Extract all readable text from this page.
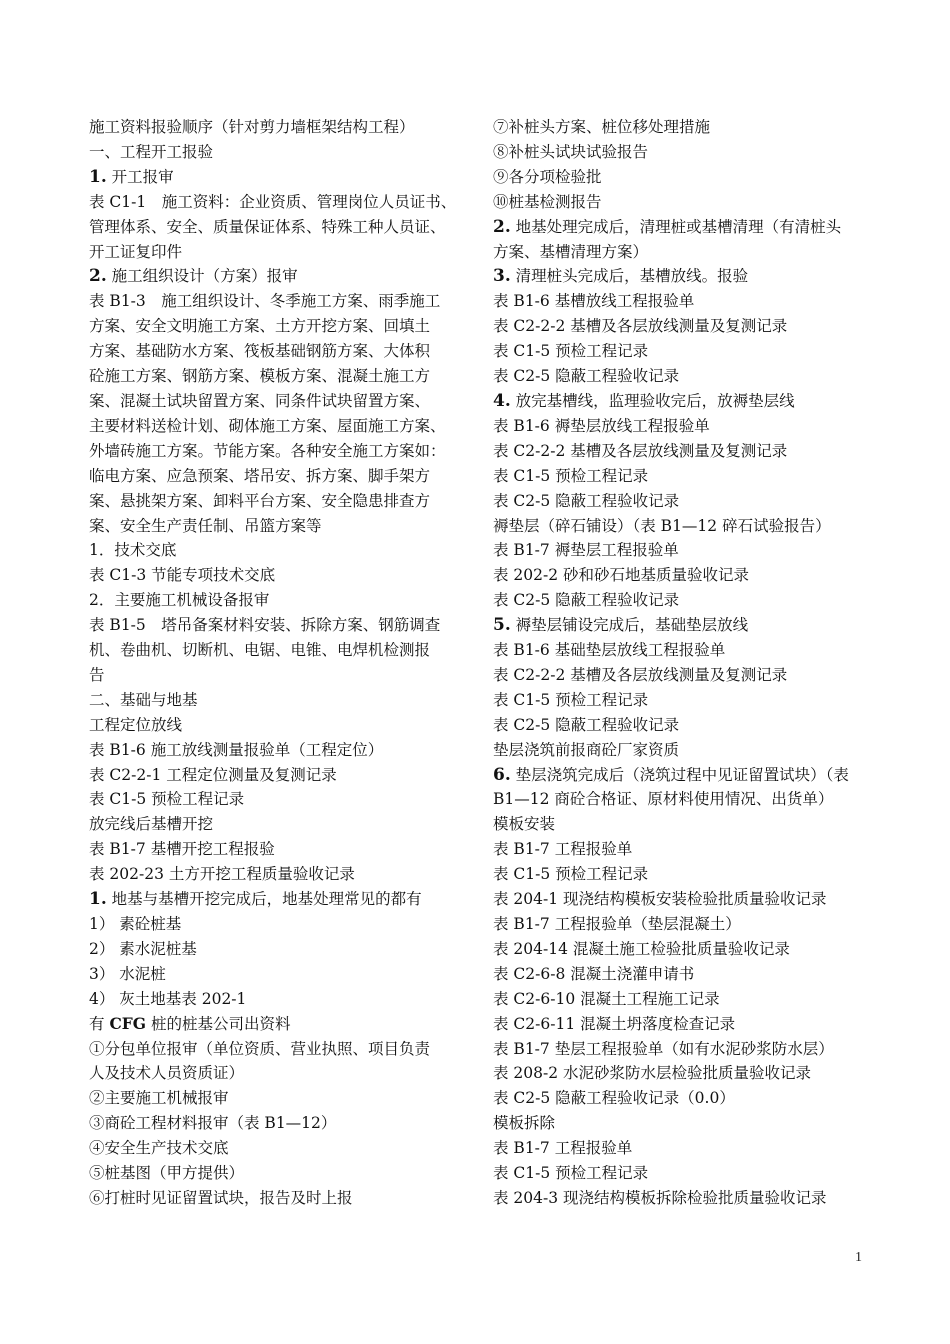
施工资料报验顺序（针对剪力墙框架结构工程）
一、工程开工报验
1. 开工报审
表 C1-1　施工资料：企业资质、管理岗位人员证书、
管理体系、安全、质量保证体系、特殊工种人员证、
开工证复印件
2. 施工组织设计（方案）报审
表 B1-3　施工组织设计、冬季施工方案、雨季施工
方案、安全文明施工方案、土方开挖方案、回填土
方案、基础防水方案、筏板基础钢筋方案、大体积
砼施工方案、钢筋方案、模板方案、混凝土施工方
案、混凝土试块留置方案、同条件试块留置方案、
主要材料送检计划、砌体施工方案、屋面施工方案、
外墙砖施工方案。节能方案。各种安全施工方案如：
临电方案、应急预案、塔吊安、拆方案、脚手架方
案、悬挑架方案、卸料平台方案、安全隐患排查方
案、安全生产责任制、吊篮方案等
1．技术交底
表 C1-3 节能专项技术交底
2．主要施工机械设备报审
表 B1-5　塔吊备案材料安装、拆除方案、钢筋调查
机、卷曲机、切断机、电锯、电锥、电焊机检测报
告
二、基础与地基
工程定位放线
表 B1-6 施工放线测量报验单（工程定位）
表 C2-2-1 工程定位测量及复测记录
表 C1-5 预检工程记录
放完线后基槽开挖
表 B1-7 基槽开挖工程报验
表 202-23 土方开挖工程质量验收记录
1. 地基与基槽开挖完成后，地基处理常见的都有
1） 素砼桩基
2） 素水泥桩基
3） 水泥桩
4） 灰土地基表 202-1
有 CFG 桩的桩基公司出资料
①分包单位报审（单位资质、营业执照、项目负责
人及技术人员资质证）
②主要施工机械报审
③商砼工程材料报审（表 B1—12）
④安全生产技术交底
⑤桩基图（甲方提供）
⑥打桩时见证留置试块，报告及时上报
⑦补桩头方案、桩位移处理措施
⑧补桩头试块试验报告
⑨各分项检验批
⑩桩基检测报告
2. 地基处理完成后，清理桩或基槽清理（有清桩头
方案、基槽清理方案）
3. 清理桩头完成后，基槽放线。报验
表 B1-6 基槽放线工程报验单
表 C2-2-2 基槽及各层放线测量及复测记录
表 C1-5 预检工程记录
表 C2-5 隐蔽工程验收记录
4. 放完基槽线，监理验收完后，放褥垫层线
表 B1-6 褥垫层放线工程报验单
表 C2-2-2 基槽及各层放线测量及复测记录
表 C1-5 预检工程记录
表 C2-5 隐蔽工程验收记录
褥垫层（碎石铺设）（表 B1—12 碎石试验报告）
表 B1-7 褥垫层工程报验单
表 202-2 砂和砂石地基质量验收记录
表 C2-5 隐蔽工程验收记录
5. 褥垫层铺设完成后，基础垫层放线
表 B1-6 基础垫层放线工程报验单
表 C2-2-2 基槽及各层放线测量及复测记录
表 C1-5 预检工程记录
表 C2-5 隐蔽工程验收记录
垫层浇筑前报商砼厂家资质
6. 垫层浇筑完成后（浇筑过程中见证留置试块）（表
B1—12 商砼合格证、原材料使用情况、出货单）
模板安装
表 B1-7 工程报验单
表 C1-5 预检工程记录
表 204-1 现浇结构模板安装检验批质量验收记录
表 B1-7 工程报验单（垫层混凝土）
表 204-14 混凝土施工检验批质量验收记录
表 C2-6-8 混凝土浇灌申请书
表 C2-6-10 混凝土工程施工记录
表 C2-6-11 混凝土坍落度检查记录
表 B1-7 垫层工程报验单（如有水泥砂浆防水层）
表 208-2 水泥砂浆防水层检验批质量验收记录
表 C2-5 隐蔽工程验收记录（0.0）
模板拆除
表 B1-7 工程报验单
表 C1-5 预检工程记录
表 204-3 现浇结构模板拆除检验批质量验收记录
1
